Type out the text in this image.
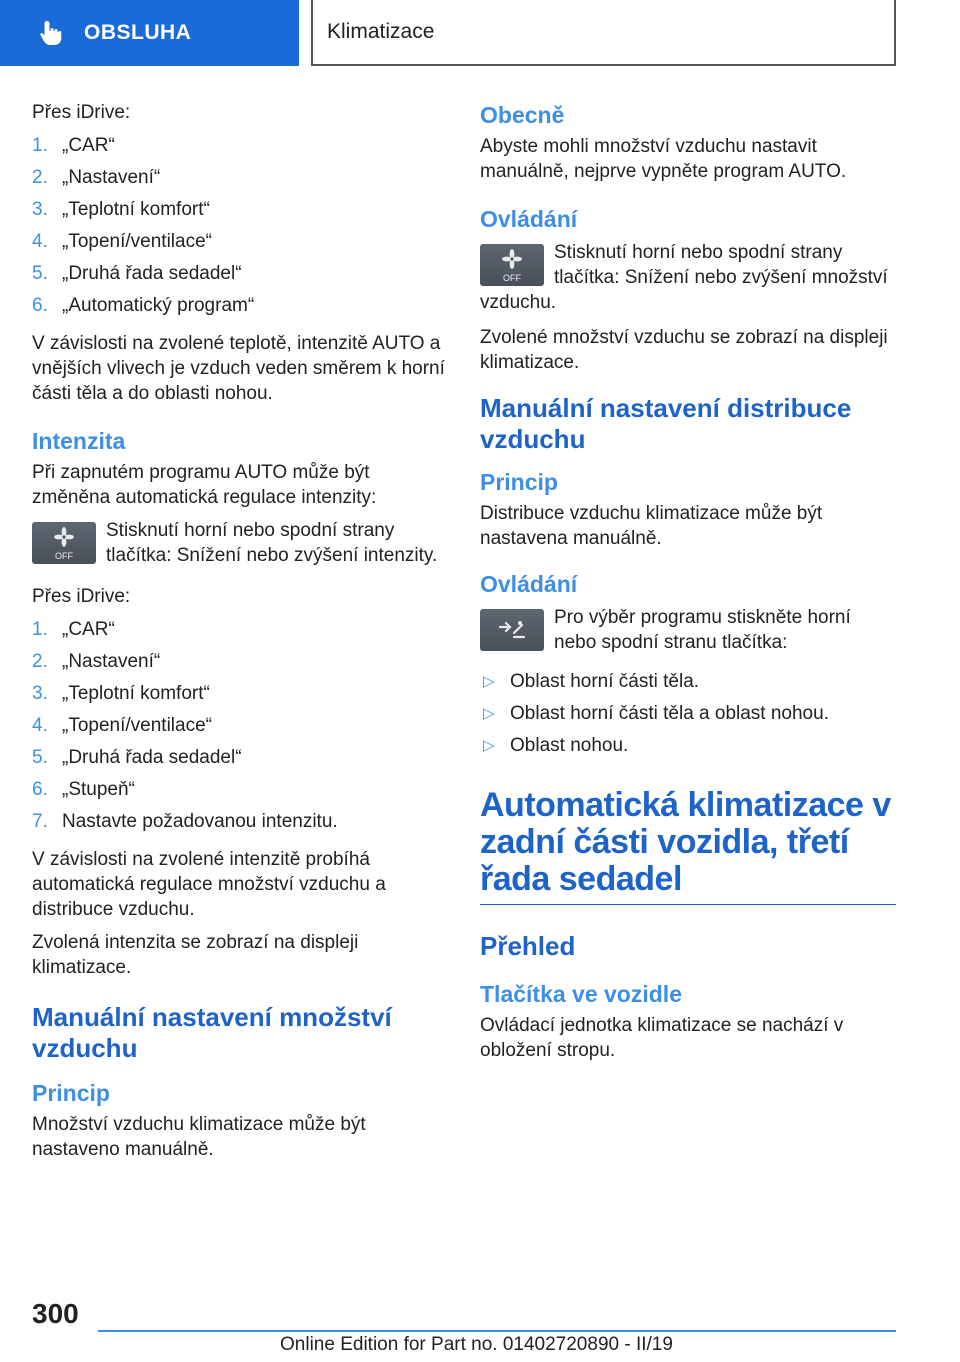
OBSLUHA	Klimatizace

Přes iDrive:

1. „CAR“
2. „Nastavení“
3. „Teplotní komfort“
4. „Topení/ventilace“
5. „Druhá řada sedadel“
6. „Automatický program“

V závislosti na zvolené teplotě, intenzitě AUTO a vnějších vlivech je vzduch veden směrem k horní části těla a do oblasti nohou.

Intenzita

Při zapnutém programu AUTO může být změněna automatická regulace intenzity:

OFF
Stisknutí horní nebo spodní strany tlačítka: Snížení nebo zvýšení intenzity.

Přes iDrive:

1. „CAR“
2. „Nastavení“
3. „Teplotní komfort“
4. „Topení/ventilace“
5. „Druhá řada sedadel“
6. „Stupeň“
7. Nastavte požadovanou intenzitu.

V závislosti na zvolené intenzitě probíhá automatická regulace množství vzduchu a distribuce vzduchu.

Zvolená intenzita se zobrazí na displeji klimatizace.

Manuální nastavení množství vzduchu
Princip

Množství vzduchu klimatizace může být nastaveno manuálně.

Obecně

Abyste mohli množství vzduchu nastavit manuálně, nejprve vypněte program AUTO.

Ovládání
OFF
Stisknutí horní nebo spodní strany tlačítka: Snížení nebo zvýšení množství vzduchu.

Zvolené množství vzduchu se zobrazí na displeji klimatizace.

Manuální nastavení distribuce vzduchu
Princip

Distribuce vzduchu klimatizace může být nastavena manuálně.

Ovládání
Pro výběr programu stiskněte horní nebo spodní stranu tlačítka:
▷ Oblast horní části těla.
▷ Oblast horní části těla a oblast nohou.
▷ Oblast nohou.
Automatická klimatizace v zadní části vozidla, třetí řada sedadel
Přehled
Tlačítka ve vozidle

Ovládací jednotka klimatizace se nachází v obložení stropu.

300
Online Edition for Part no. 01402720890 - II/19
